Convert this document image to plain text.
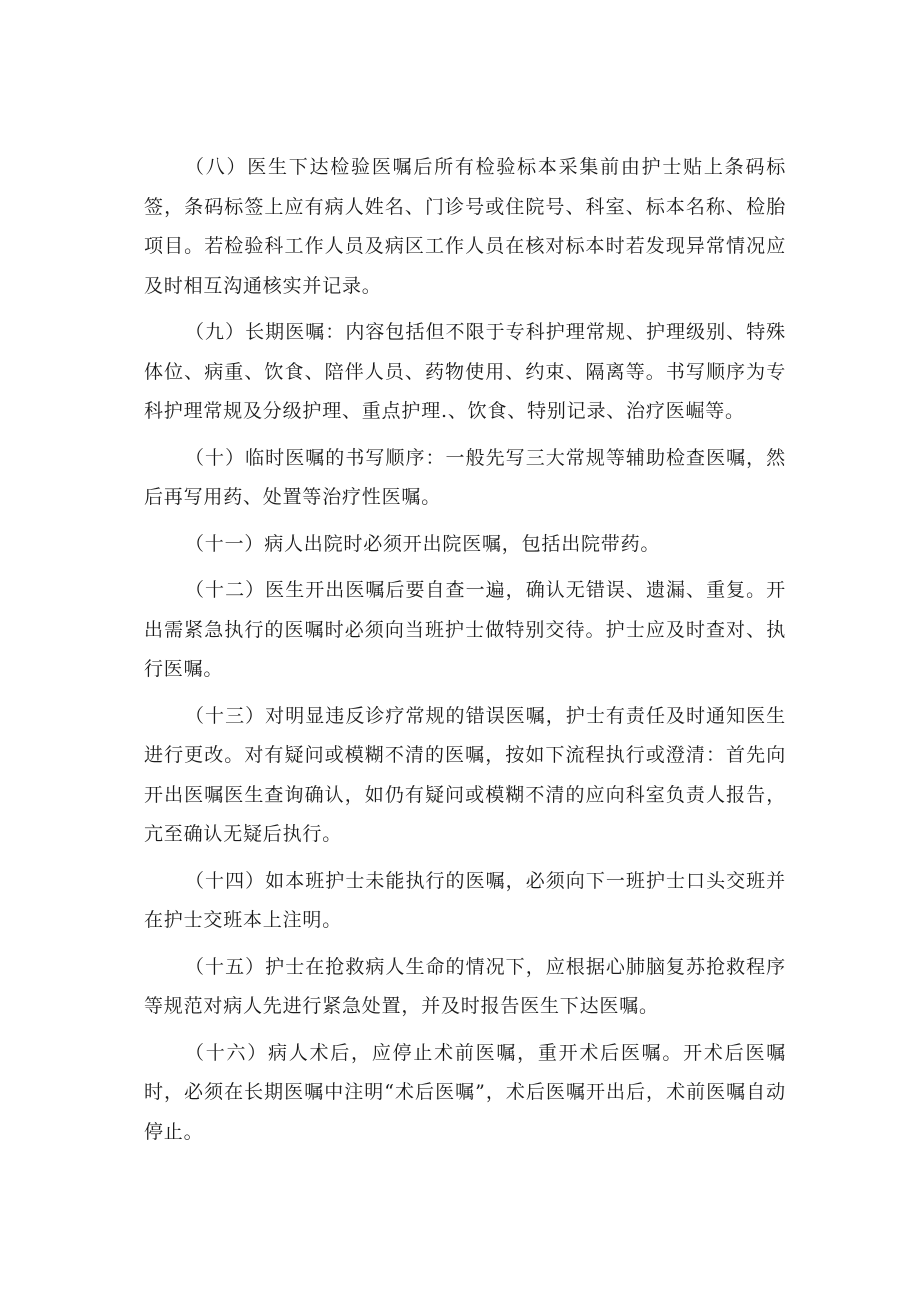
（八）医生下达检验医嘱后所有检验标本采集前由护士贴上条码标签，条码标签上应有病人姓名、门诊号或住院号、科室、标本名称、检胎项目。若检验科工作人员及病区工作人员在核对标本时若发现异常情况应及时相互沟通核实并记录。

（九）长期医嘱：内容包括但不限于专科护理常规、护理级别、特殊体位、病重、饮食、陪伴人员、药物使用、约束、隔离等。书写顺序为专科护理常规及分级护理、重点护理.、饮食、特别记录、治疗医崛等。

（十）临时医嘱的书写顺序：一般先写三大常规等辅助检查医嘱，然后再写用药、处置等治疗性医嘱。

（十一）病人出院时必须开出院医嘱，包括出院带药。

（十二）医生开出医嘱后要自查一遍，确认无错误、遗漏、重复。开出需紧急执行的医嘱时必须向当班护士做特别交待。护士应及时查对、执行医嘱。

（十三）对明显违反诊疗常规的错误医嘱，护士有责任及时通知医生进行更改。对有疑问或模糊不清的医嘱，按如下流程执行或澄清：首先向开出医嘱医生查询确认，如仍有疑问或模糊不清的应向科室负责人报告，亢至确认无疑后执行。

（十四）如本班护士未能执行的医嘱，必须向下一班护士口头交班并在护士交班本上注明。

（十五）护士在抢救病人生命的情况下，应根据心肺脑复苏抢救程序等规范对病人先进行紧急处置，并及时报告医生下达医嘱。

（十六）病人术后，应停止术前医嘱，重开术后医嘱。开术后医嘱时，必须在长期医嘱中注明“术后医嘱”，术后医嘱开出后，术前医嘱自动停止。
